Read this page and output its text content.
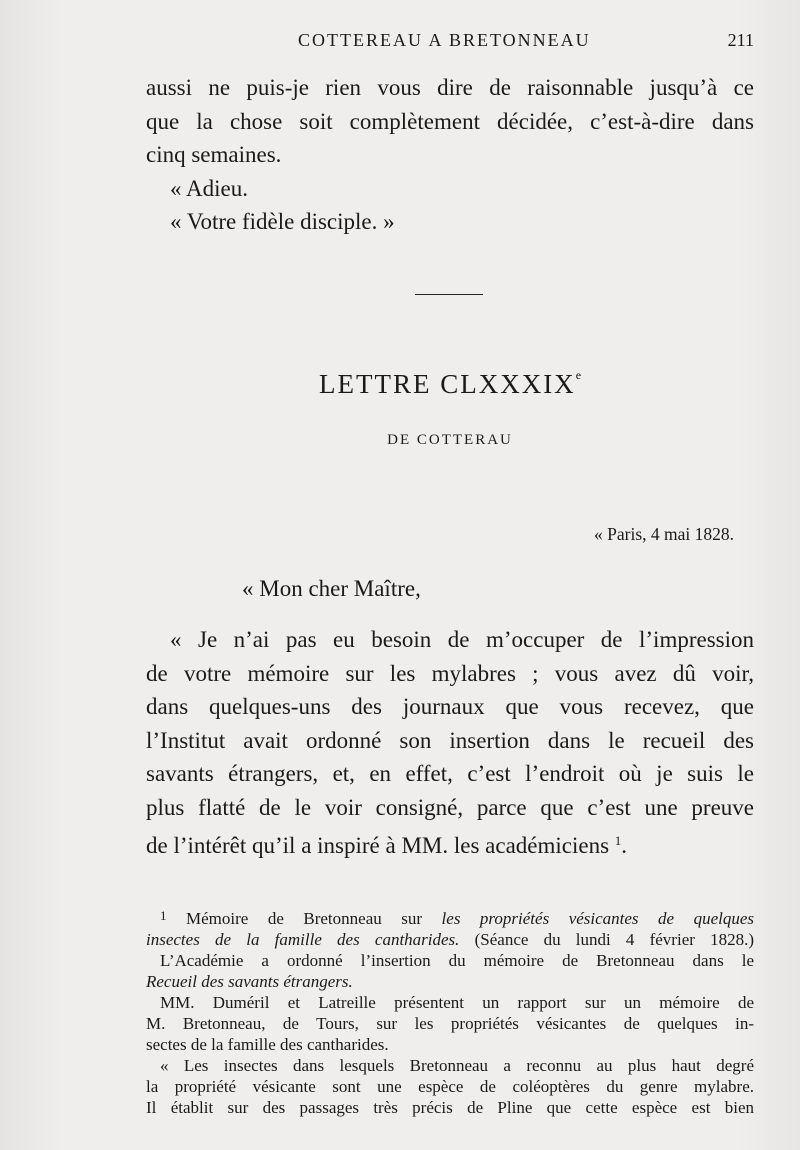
COTTEREAU A BRETONNEAU	211

aussi ne puis-je rien vous dire de raisonnable jusqu’à ce

que la chose soit complètement décidée, c’est-à-dire dans

cinq semaines.

« Adieu.

« Votre fidèle disciple. »

LETTRE CLXXXIXe
DE COTTERAU
« Paris, 4 mai 1828.
« Mon cher Maître,

« Je n’ai pas eu besoin de m’occuper de l’impression

de votre mémoire sur les mylabres ; vous avez dû voir,

dans quelques-uns des journaux que vous recevez, que

l’Institut avait ordonné son insertion dans le recueil des

savants étrangers, et, en effet, c’est l’endroit où je suis le

plus flatté de le voir consigné, parce que c’est une preuve

de l’intérêt qu’il a inspiré à MM. les académiciens $^1$.

$^1$ Mémoire de Bretonneau sur les propriétés vésicantes de quelques

insectes de la famille des cantharides. (Séance du lundi 4 février 1828.)

L’Académie a ordonné l’insertion du mémoire de Bretonneau dans le

Recueil des savants étrangers.

MM. Duméril et Latreille présentent un rapport sur un mémoire de

M. Bretonneau, de Tours, sur les propriétés vésicantes de quelques in-

sectes de la famille des cantharides.

« Les insectes dans lesquels Bretonneau a reconnu au plus haut degré

la propriété vésicante sont une espèce de coléoptères du genre mylabre.

Il établit sur des passages très précis de Pline que cette espèce est bien
